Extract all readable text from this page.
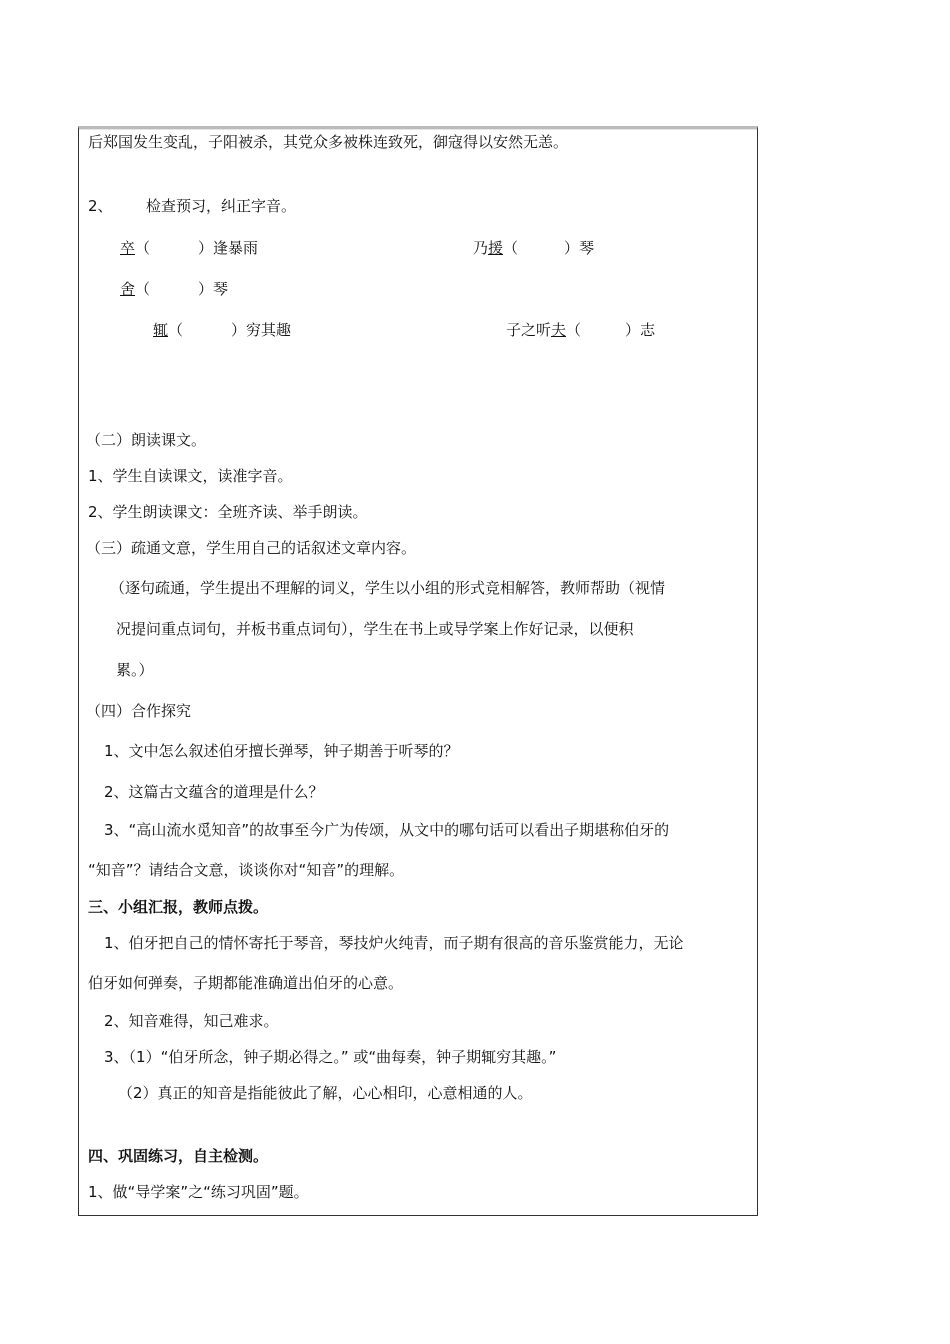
后郑国发生变乱，子阳被杀，其党众多被株连致死，御寇得以安然无恙。
2、 检查预习，纠正字音。
卒（	）逢暴雨	乃援（	）琴
舍（	）琴
辄（	）穷其趣	子之听夫（	）志
（二）朗读课文。
1、学生自读课文，读准字音。
2、学生朗读课文：全班齐读、举手朗读。
（三）疏通文意，学生用自己的话叙述文章内容。
（逐句疏通，学生提出不理解的词义，学生以小组的形式竞相解答，教师帮助（视情
况提问重点词句，并板书重点词句），学生在书上或导学案上作好记录，以便积
累。）
（四）合作探究
1、文中怎么叙述伯牙擅长弹琴，钟子期善于听琴的？
2、这篇古文蕴含的道理是什么？
3、“高山流水觅知音”的故事至今广为传颂，从文中的哪句话可以看出子期堪称伯牙的
“知音”？请结合文意，谈谈你对“知音”的理解。
三、小组汇报，教师点拨。
1、伯牙把自己的情怀寄托于琴音，琴技炉火纯青，而子期有很高的音乐鉴赏能力，无论
伯牙如何弹奏，子期都能准确道出伯牙的心意。
2、知音难得，知己难求。
3、（1）“伯牙所念，钟子期必得之。” 或“曲每奏，钟子期辄穷其趣。”
（2）真正的知音是指能彼此了解，心心相印，心意相通的人。
四、巩固练习，自主检测。
1、做“导学案”之“练习巩固”题。
